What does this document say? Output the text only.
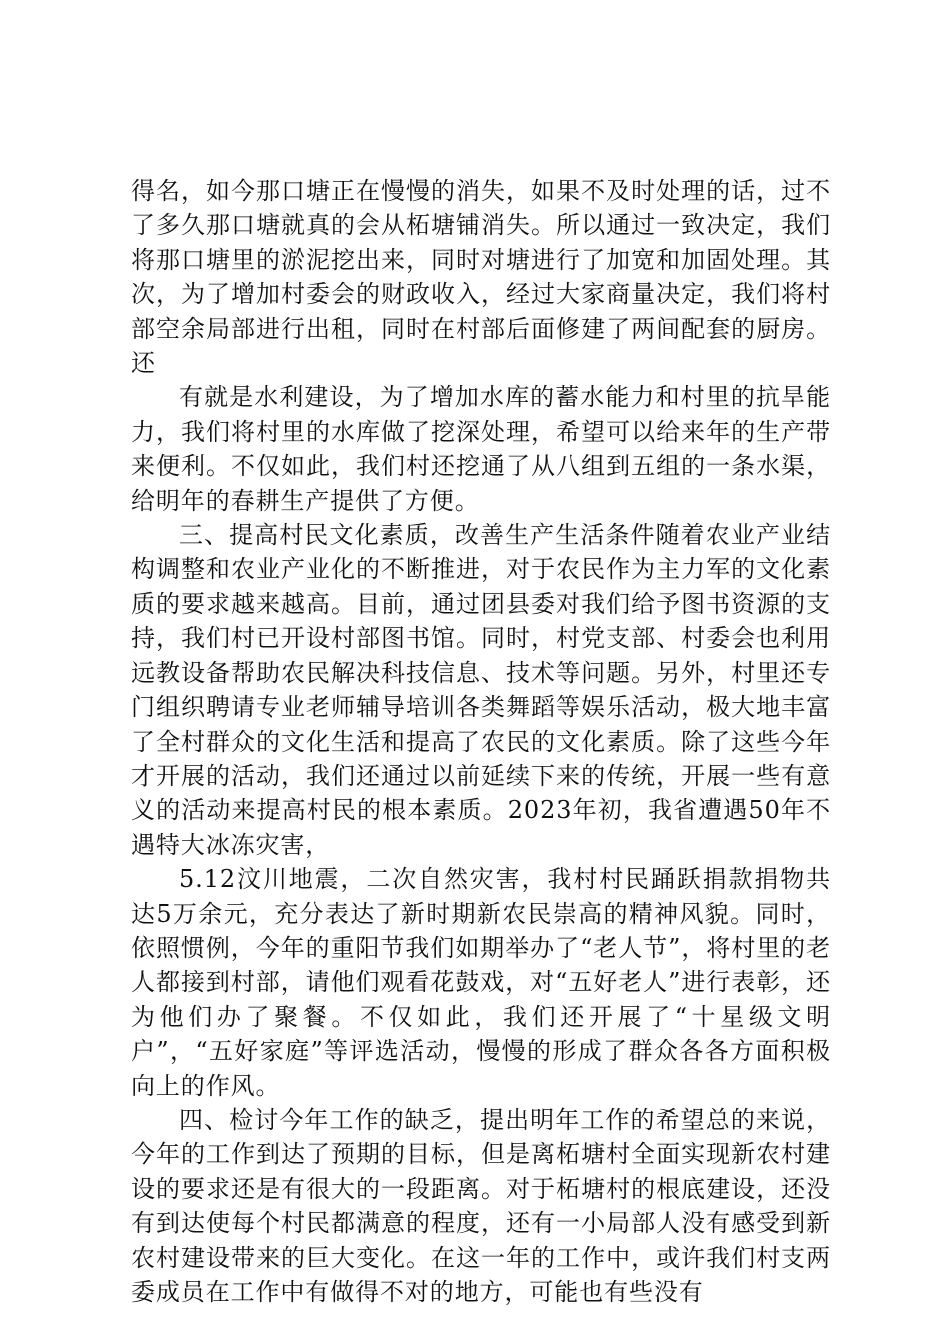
得名，如今那口塘正在慢慢的消失，如果不及时处理的话，过不了多久那口塘就真的会从柘塘铺消失。所以通过一致决定，我们将那口塘里的淤泥挖出来，同时对塘进行了加宽和加固处理。其次，为了增加村委会的财政收入，经过大家商量决定，我们将村部空余局部进行出租，同时在村部后面修建了两间配套的厨房。还

有就是水利建设，为了增加水库的蓄水能力和村里的抗旱能力，我们将村里的水库做了挖深处理，希望可以给来年的生产带来便利。不仅如此，我们村还挖通了从八组到五组的一条水渠，给明年的春耕生产提供了方便。

三、提高村民文化素质，改善生产生活条件随着农业产业结构调整和农业产业化的不断推进，对于农民作为主力军的文化素质的要求越来越高。目前，通过团县委对我们给予图书资源的支持，我们村已开设村部图书馆。同时，村党支部、村委会也利用远教设备帮助农民解决科技信息、技术等问题。另外，村里还专门组织聘请专业老师辅导培训各类舞蹈等娱乐活动，极大地丰富了全村群众的文化生活和提高了农民的文化素质。除了这些今年才开展的活动，我们还通过以前延续下来的传统，开展一些有意义的活动来提高村民的根本素质。2023年初，我省遭遇50年不遇特大冰冻灾害，

5.12汶川地震，二次自然灾害，我村村民踊跃捐款捐物共达5万余元，充分表达了新时期新农民崇高的精神风貌。同时，依照惯例，今年的重阳节我们如期举办了“老人节”，将村里的老人都接到村部，请他们观看花鼓戏，对“五好老人”进行表彰，还为他们办了聚餐。不仅如此，我们还开展了“十星级文明户”，“五好家庭”等评选活动，慢慢的形成了群众各各方面积极向上的作风。

四、检讨今年工作的缺乏，提出明年工作的希望总的来说，今年的工作到达了预期的目标，但是离柘塘村全面实现新农村建设的要求还是有很大的一段距离。对于柘塘村的根底建设，还没有到达使每个村民都满意的程度，还有一小局部人没有感受到新农村建设带来的巨大变化。在这一年的工作中，或许我们村支两委成员在工作中有做得不对的地方，可能也有些没有
